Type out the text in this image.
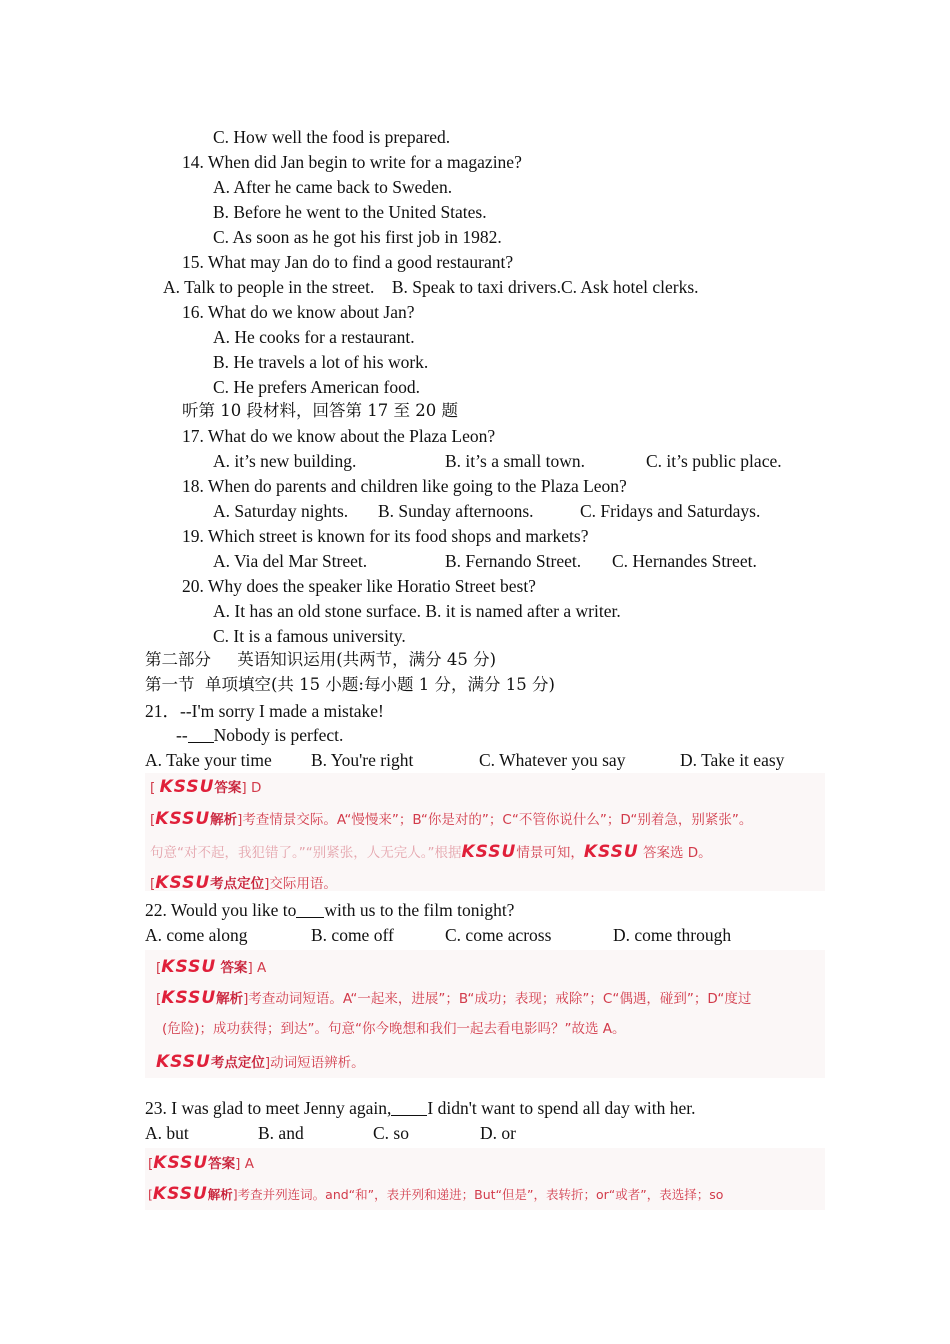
C. How well the food is prepared.
14. When did Jan begin to write for a magazine?
A. After he came back to Sweden.
B. Before he went to the United States.
C. As soon as he got his first job in 1982.
15. What may Jan do to find a good restaurant?
A. Talk to people in the street.    B. Speak to taxi drivers.C. Ask hotel clerks.
16. What do we know about Jan?
A. He cooks for a restaurant.
B. He travels a lot of his work.
C. He prefers American food.
听第 10 段材料，回答第 17 至 20 题
17. What do we know about the Plaza Leon?
A. it’s new building.	B. it’s a small town.	C. it’s public place.
18. When do parents and children like going to the Plaza Leon?
A. Saturday nights. B. Sunday afternoons.	C. Fridays and Saturdays.
19. Which street is known for its food shops and markets?
A. Via del Mar Street.	B. Fernando Street. C. Hernandes Street.
20. Why does the speaker like Horatio Street best?
A. It has an old stone surface. B. it is named after a writer.
C. It is a famous university.
第二部分     英语知识运用(共两节，满分 45 分)
第一节  单项填空(共 15 小题:每小题 1 分，满分 15 分)
21．--I'm sorry I made a mistake!
-- Nobody is perfect.
A. Take your time B. You're right	C. Whatever you say	D. Take it easy
[ KSSU答案] D
[KSSU解析]考查情景交际。A“慢慢来”；B“你是对的”；C“不管你说什么”；D“别着急，别紧张”。
句意“对不起，我犯错了。”“别紧张，人无完人。”根据KSSU情景可知，KSSU 答案选 D。
[KSSU考点定位]交际用语。
22. Would you like to with us to the film tonight?
A. come along	B. come off	C. come across	D. come through
[KSSU 答案] A
[KSSU解析]考查动词短语。A“一起来，进展”；B“成功；表现；戒除”；C“偶遇，碰到”；D“度过
(危险)；成功获得；到达”。句意“你今晚想和我们一起去看电影吗？”故选 A。
KSSU考点定位]动词短语辨析。
23. I was glad to meet Jenny again, I didn't want to spend all day with her.
A. but	B. and	C. so	D. or
[KSSU答案] A
[KSSU解析]考查并列连词。and“和”，表并列和递进；But“但是”，表转折；or“或者”，表选择；so
